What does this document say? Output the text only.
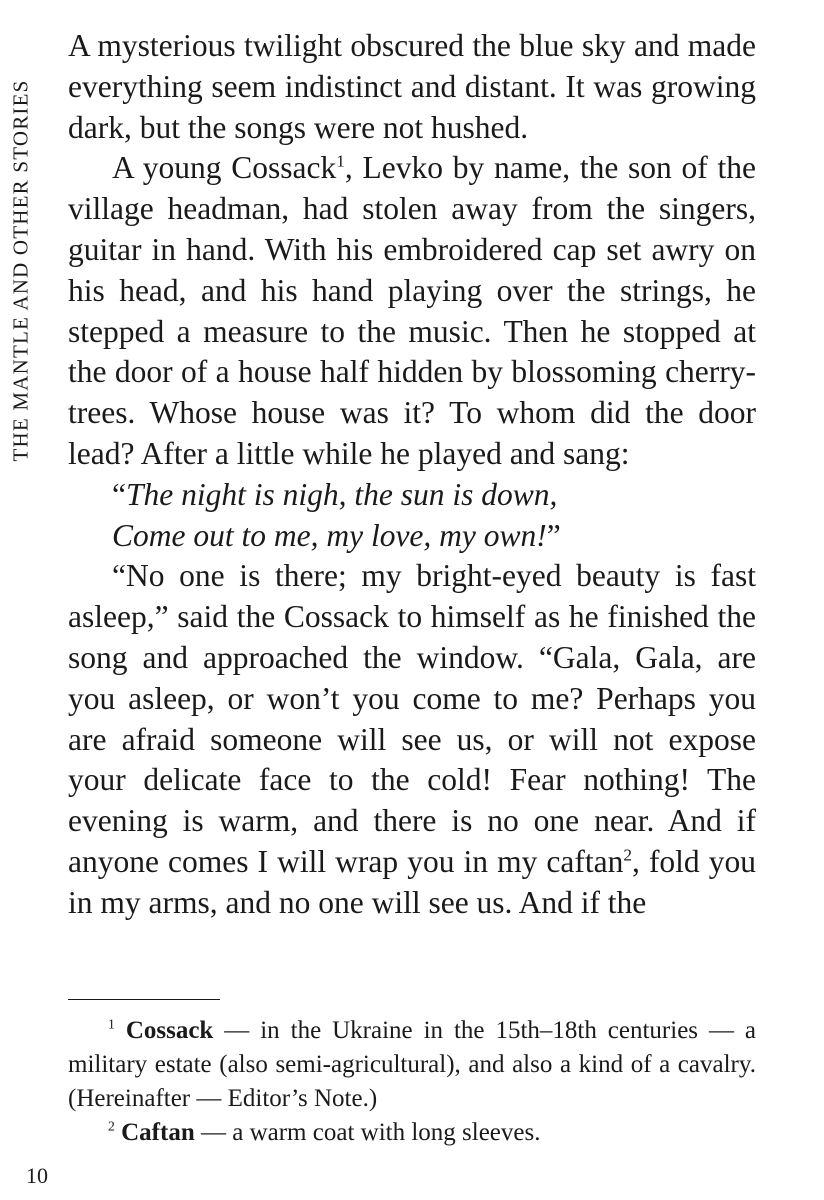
THE MANTLE AND OTHER STORIES

A mysterious twilight obscured the blue sky and made everything seem indistinct and distant. It was growing dark, but the songs were not hushed.

A young Cossack$^1$, Levko by name, the son of the village headman, had stolen away from the singers, guitar in hand. With his embroidered cap set awry on his head, and his hand playing over the strings, he stepped a measure to the music. Then he stopped at the door of a house half hidden by blossoming cherry-trees. Whose house was it? To whom did the door lead? After a little while he played and sang:

“The night is nigh, the sun is down,

Come out to me, my love, my own!”

“No one is there; my bright-eyed beauty is fast asleep,” said the Cossack to himself as he finished the song and approached the window. “Gala, Gala, are you asleep, or won’t you come to me? Perhaps you are afraid someone will see us, or will not expose your delicate face to the cold! Fear nothing! The evening is warm, and there is no one near. And if anyone comes I will wrap you in my caftan$^2$, fold you in my arms, and no one will see us. And if the

$^1$ Cossack — in the Ukraine in the 15th–18th centuries — a military estate (also semi-agricultural), and also a kind of a cavalry. (Hereinafter — Editor’s Note.)

$^2$ Caftan — a warm coat with long sleeves.

10
